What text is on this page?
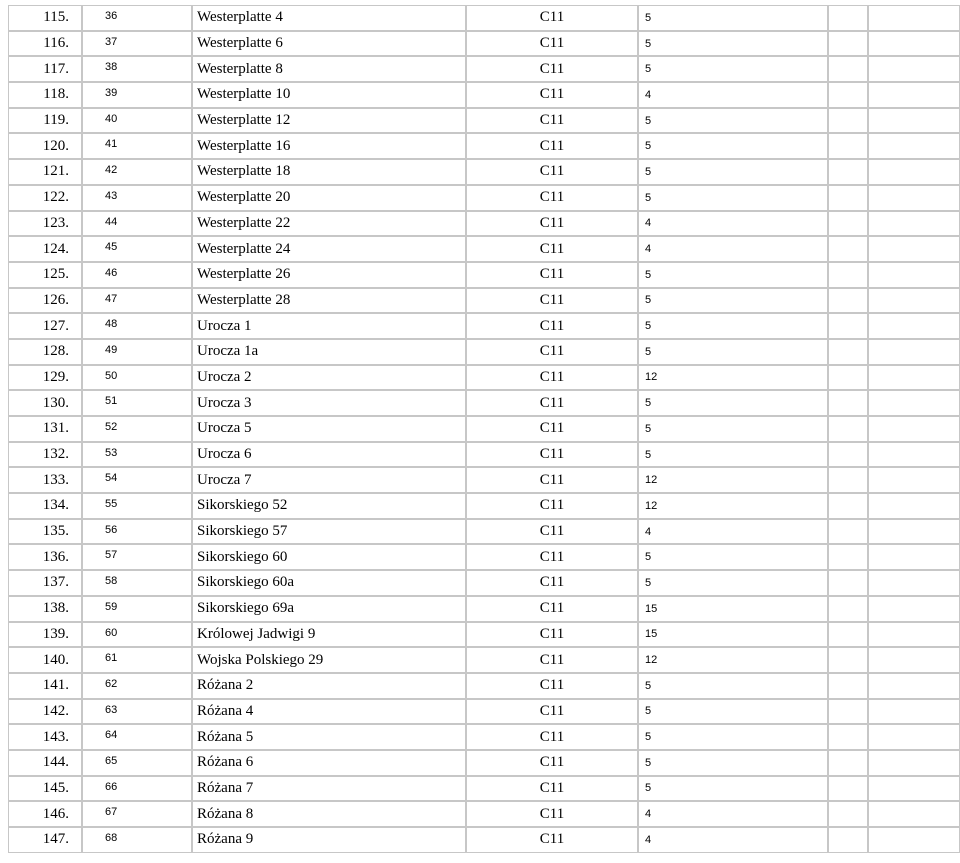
115.	36	Westerplatte 4	C11	5		
116.	37	Westerplatte 6	C11	5		
117.	38	Westerplatte 8	C11	5		
118.	39	Westerplatte 10	C11	4		
119.	40	Westerplatte 12	C11	5		
120.	41	Westerplatte 16	C11	5		
121.	42	Westerplatte 18	C11	5		
122.	43	Westerplatte 20	C11	5		
123.	44	Westerplatte 22	C11	4		
124.	45	Westerplatte 24	C11	4		
125.	46	Westerplatte 26	C11	5		
126.	47	Westerplatte 28	C11	5		
127.	48	Urocza 1	C11	5		
128.	49	Urocza 1a	C11	5		
129.	50	Urocza 2	C11	12		
130.	51	Urocza 3	C11	5		
131.	52	Urocza 5	C11	5		
132.	53	Urocza 6	C11	5		
133.	54	Urocza 7	C11	12		
134.	55	Sikorskiego 52	C11	12		
135.	56	Sikorskiego 57	C11	4		
136.	57	Sikorskiego 60	C11	5		
137.	58	Sikorskiego 60a	C11	5		
138.	59	Sikorskiego 69a	C11	15		
139.	60	Królowej Jadwigi 9	C11	15		
140.	61	Wojska Polskiego 29	C11	12		
141.	62	Różana 2	C11	5		
142.	63	Różana 4	C11	5		
143.	64	Różana 5	C11	5		
144.	65	Różana 6	C11	5		
145.	66	Różana 7	C11	5		
146.	67	Różana 8	C11	4		
147.	68	Różana 9	C11	4		
